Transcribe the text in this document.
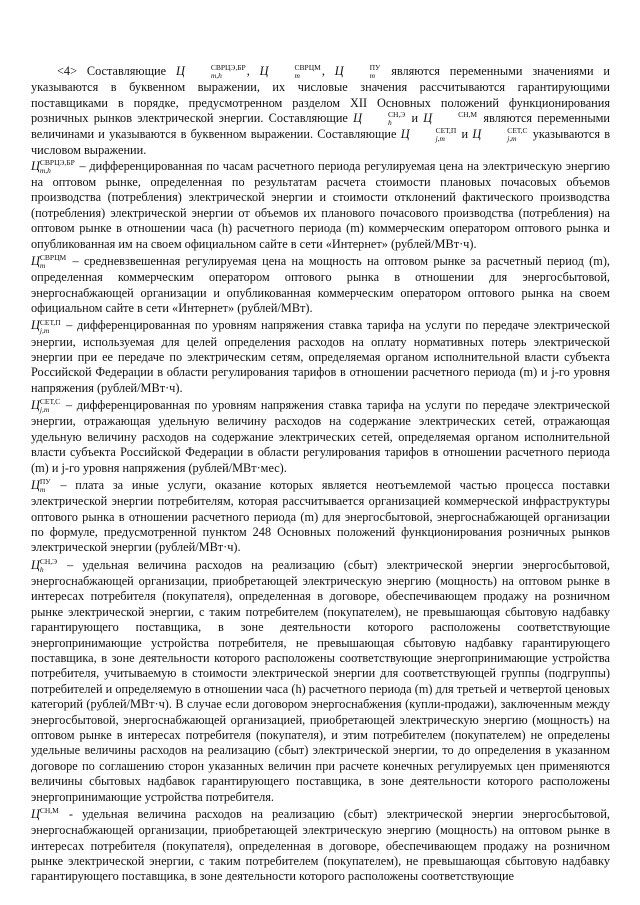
<4> Составляющие Ц	СВРЦЭ,БР
m,h	, Ц	СВРЦМ
m	, Ц	ПУ
m являются переменными значениями и указываются в буквенном выражении, их числовые значения рассчитываются гарантирующими поставщиками в порядке, предусмотренном разделом XII Основных положений функционирования розничных рынков электрической энергии. Составляющие Ц	СН,Э
h	и Ц	СН,М
являются переменными величинами и указываются в буквенном выражении. Составляющие Ц	СЕТ,П
j,m	и Ц	СЕТ,С
j,m указываются в числовом выражении.

Ц СВРЦЭ,БР
m,h	– дифференцированная по часам расчетного периода регулируемая цена на электрическую энергию на оптовом рынке, определенная по результатам расчета стоимости плановых почасовых объемов производства (потребления) электрической энергии и стоимости отклонений фактического производства (потребления) электрической энергии от объемов их планового почасового производства (потребления) на оптовом рынке в отношении часа (h) расчетного периода (m) коммерческим оператором оптового рынка и опубликованная им на своем официальном сайте в сети «Интернет» (рублей/МВт·ч).

Ц СВРЦМ
m	– средневзвешенная регулируемая цена на мощность на оптовом рынке за расчетный период (m), определенная коммерческим оператором оптового рынка в отношении для энергосбытовой, энергоснабжающей организации и опубликованная коммерческим оператором оптового рынка на своем официальном сайте в сети «Интернет» (рублей/МВт).

Ц СЕТ,П
j,m	– дифференцированная по уровням напряжения ставка тарифа на услуги по передаче электрической энергии, используемая для целей определения расходов на оплату нормативных потерь электрической энергии при ее передаче по электрическим сетям, определяемая органом исполнительной власти субъекта Российской Федерации в области регулирования тарифов в отношении расчетного периода (m) и j-го уровня напряжения (рублей/МВт·ч).

Ц СЕТ,С
j,m – дифференцированная по уровням напряжения ставка тарифа на услуги по передаче электрической энергии, отражающая удельную величину расходов на содержание электрических сетей, отражающая удельную величину расходов на содержание электрических сетей, определяемая органом исполнительной власти субъекта Российской Федерации в области регулирования тарифов в отношении расчетного периода (m) и j-го уровня напряжения (рублей/МВт·мес).

Ц ПУ
m – плата за иные услуги, оказание которых является неотъемлемой частью процесса поставки электрической энергии потребителям, которая рассчитывается организацией коммерческой инфраструктуры оптового рынка в отношении расчетного периода (m) для энергосбытовой, энергоснабжающей организации по формуле, предусмотренной пунктом 248 Основных положений функционирования розничных рынков электрической энергии (рублей/МВт·ч).

Ц СН,Э
h	– удельная величина расходов на реализацию (сбыт) электрической энергии энергосбытовой, энергоснабжающей организации, приобретающей электрическую энергию (мощность) на оптовом рынке в интересах потребителя (покупателя), определенная в договоре, обеспечивающем продажу на розничном рынке электрической энергии, с таким потребителем (покупателем), не превышающая сбытовую надбавку гарантирующего поставщика, в зоне деятельности которого расположены соответствующие энергопринимающие устройства потребителя, не превышающая сбытовую надбавку гарантирующего поставщика, в зоне деятельности которого расположены соответствующие энергопринимающие устройства потребителя, учитываемую в стоимости электрической энергии для соответствующей группы (подгруппы) потребителей и определяемую в отношении часа (h) расчетного периода (m) для третьей и четвертой ценовых категорий (рублей/МВт·ч). В случае если договором энергоснабжения (купли-продажи), заключенным между энергосбытовой, энергоснабжающей организацией, приобретающей электрическую энергию (мощность) на оптовом рынке в интересах потребителя (покупателя), и этим потребителем (покупателем) не определены удельные величины расходов на реализацию (сбыт) электрической энергии, то до определения в указанном договоре по соглашению сторон указанных величин при расчете конечных регулируемых цен применяются величины сбытовых надбавок гарантирующего поставщика, в зоне деятельности которого расположены энергопринимающие устройства потребителя.

Ц СН,М
- удельная величина расходов на реализацию (сбыт) электрической энергии энергосбытовой, энергоснабжающей организации, приобретающей электрическую энергию (мощность) на оптовом рынке в интересах потребителя (покупателя), определенная в договоре, обеспечивающем продажу на розничном рынке электрической энергии, с таким потребителем (покупателем), не превышающая сбытовую надбавку гарантирующего поставщика, в зоне деятельности которого расположены соответствующие
